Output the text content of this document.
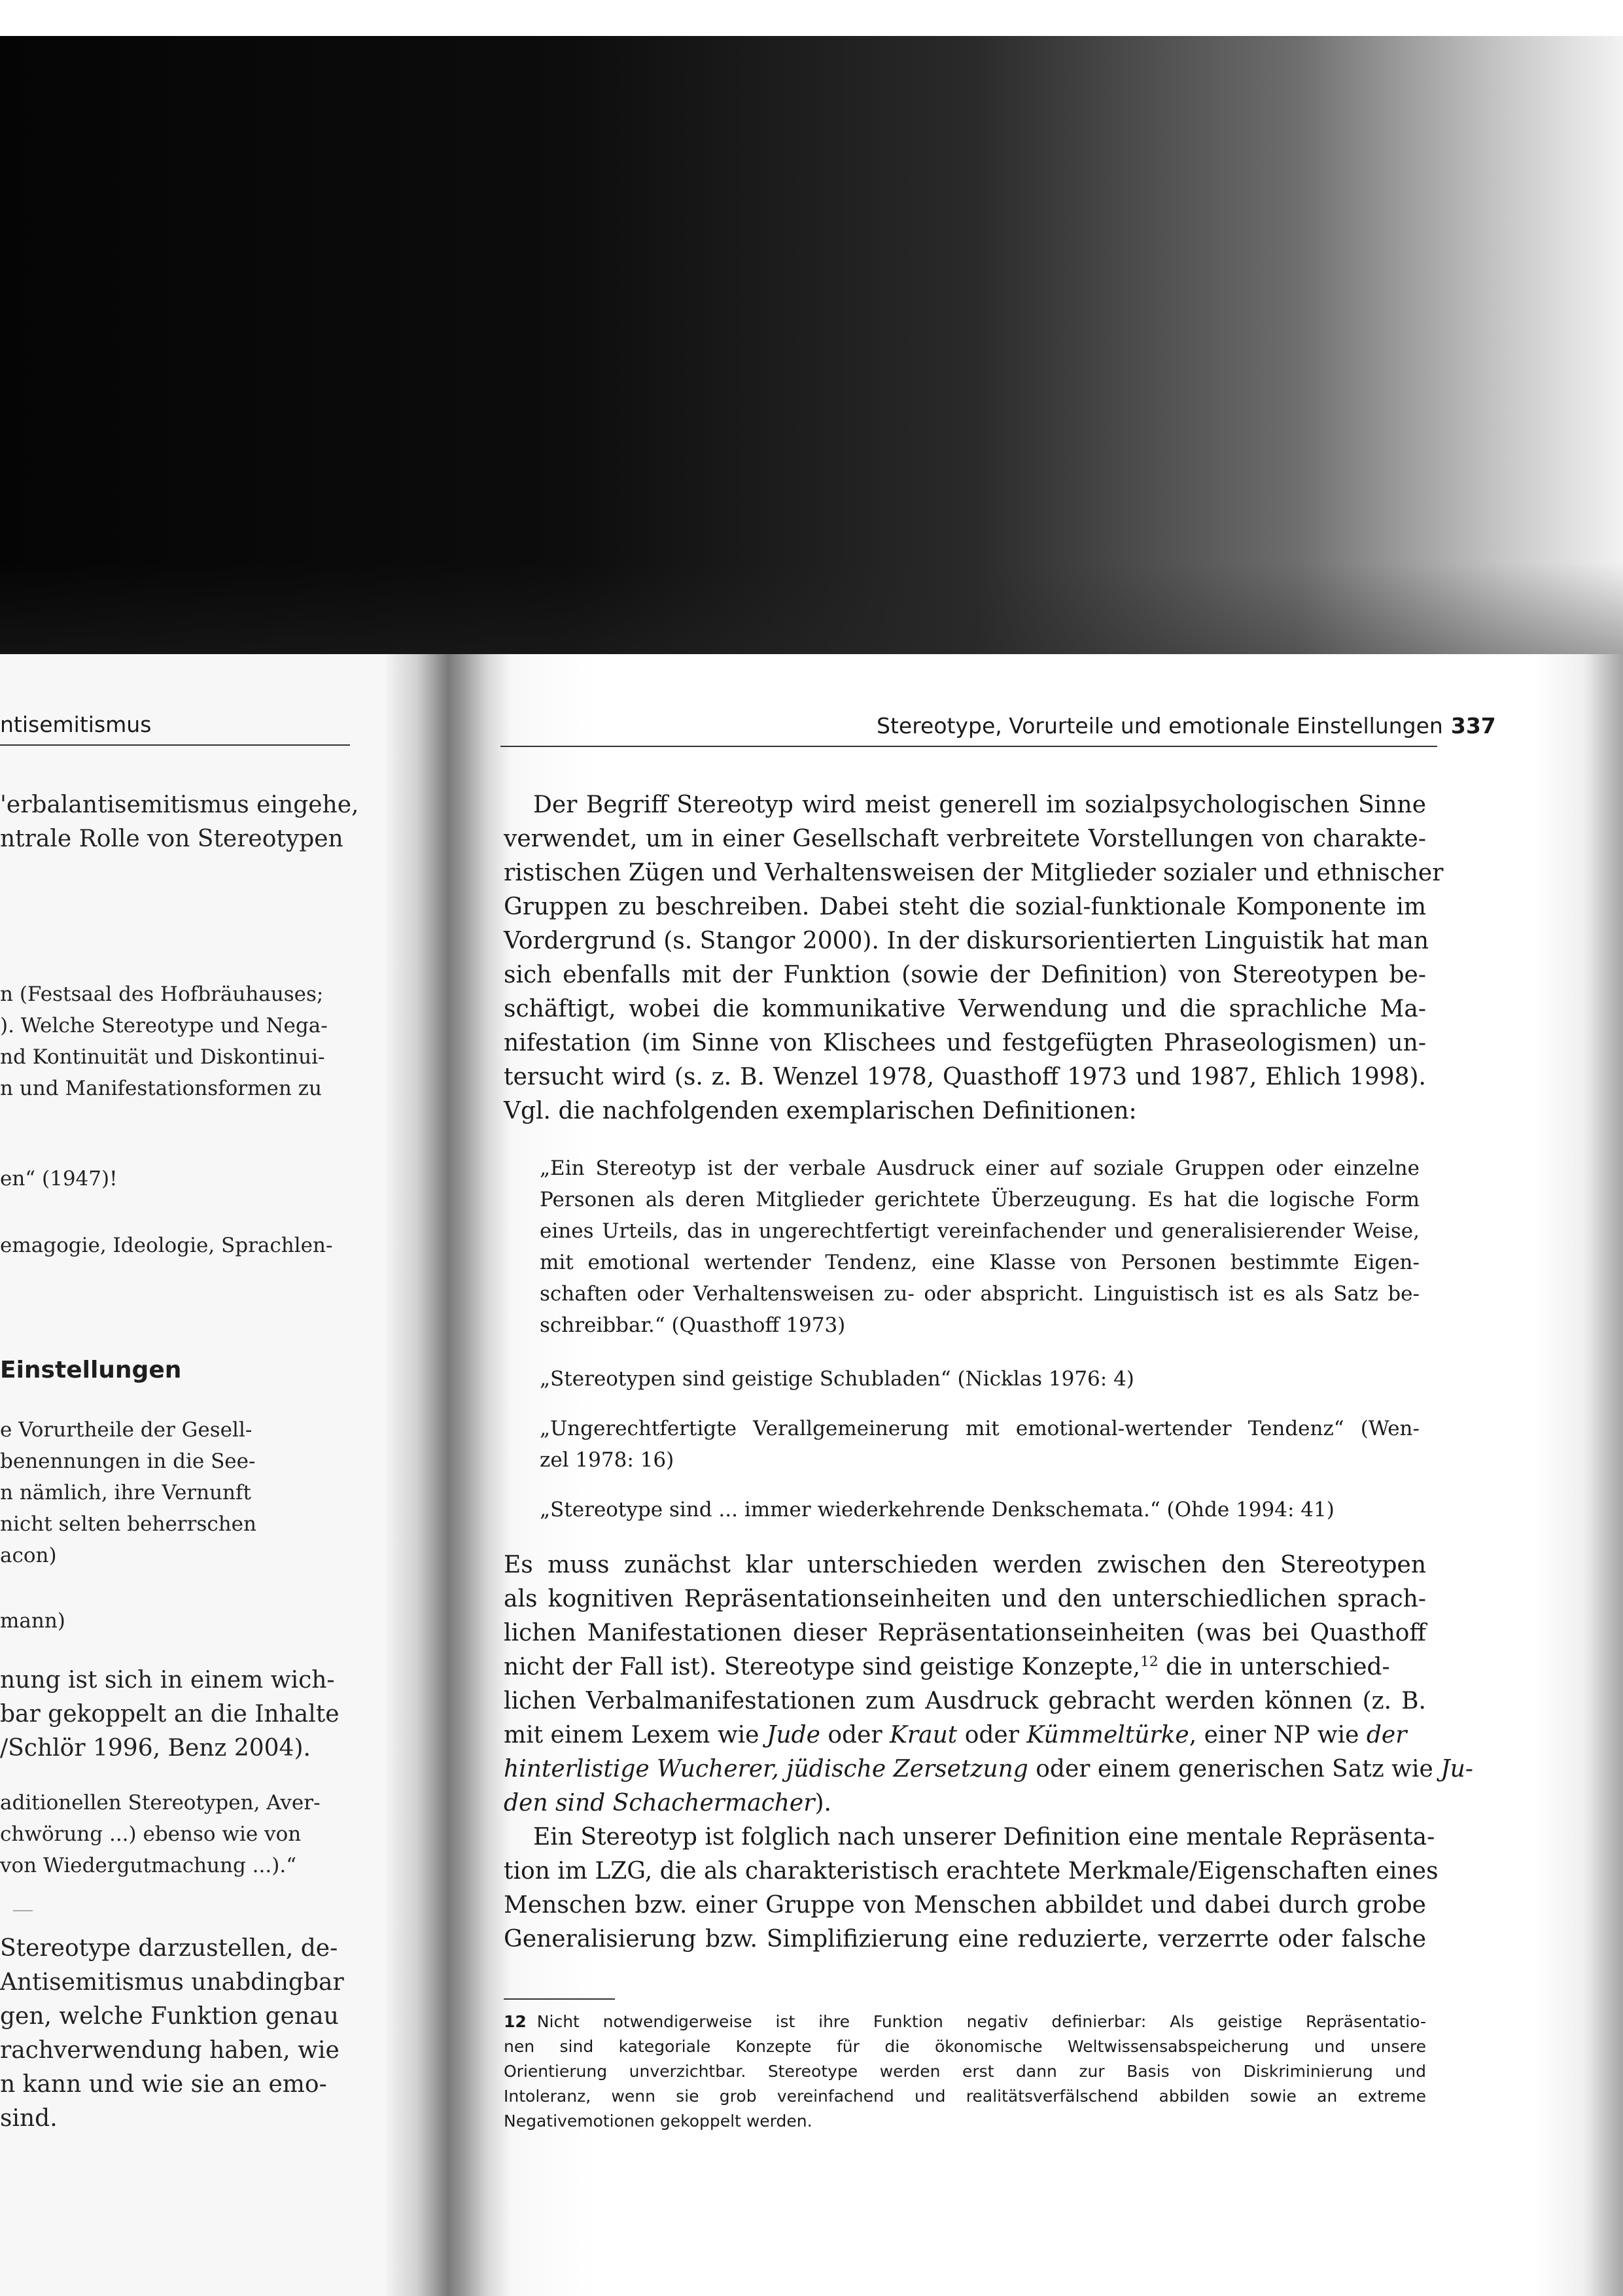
ntisemitismus
'erbalantisemitismus eingehe,
ntrale Rolle von Stereotypen
n (Festsaal des Hofbräuhauses;
). Welche Stereotype und Nega-
nd Kontinuität und Diskontinui-
n und Manifestationsformen zu
en“ (1947)!
emagogie, Ideologie, Sprachlen-
Einstellungen
e Vorurtheile der Gesell-
benennungen in die See-
n nämlich, ihre Vernunft
nicht selten beherrschen
acon)
mann)
nung ist sich in einem wich-
bar gekoppelt an die Inhalte
/Schlör 1996, Benz 2004).
aditionellen Stereotypen, Aver-
chwörung ...) ebenso wie von
von Wiedergutmachung ...).“
Stereotype darzustellen, de-
Antisemitismus unabdingbar
gen, welche Funktion genau
rachverwendung haben, wie
n kann und wie sie an emo-
sind.
Stereotype, Vorurteile und emotionale Einstellungen 337
Der Begriff Stereotyp wird meist generell im sozialpsychologischen Sinne
verwendet, um in einer Gesellschaft verbreitete Vorstellungen von charakte-
ristischen Zügen und Verhaltensweisen der Mitglieder sozialer und ethnischer
Gruppen zu beschreiben. Dabei steht die sozial-funktionale Komponente im
Vordergrund (s. Stangor 2000). In der diskursorientierten Linguistik hat man
sich ebenfalls mit der Funktion (sowie der Definition) von Stereotypen be-
schäftigt, wobei die kommunikative Verwendung und die sprachliche Ma-
nifestation (im Sinne von Klischees und festgefügten Phraseologismen) un-
tersucht wird (s. z. B. Wenzel 1978, Quasthoff 1973 und 1987, Ehlich 1998).
Vgl. die nachfolgenden exemplarischen Definitionen:
„Ein Stereotyp ist der verbale Ausdruck einer auf soziale Gruppen oder einzelne
Personen als deren Mitglieder gerichtete Überzeugung. Es hat die logische Form
eines Urteils, das in ungerechtfertigt vereinfachender und generalisierender Weise,
mit emotional wertender Tendenz, eine Klasse von Personen bestimmte Eigen-
schaften oder Verhaltensweisen zu- oder abspricht. Linguistisch ist es als Satz be-
schreibbar.“ (Quasthoff 1973)
„Stereotypen sind geistige Schubladen“ (Nicklas 1976: 4)
„Ungerechtfertigte Verallgemeinerung mit emotional-wertender Tendenz“ (Wen-
zel 1978: 16)
„Stereotype sind ... immer wiederkehrende Denkschemata.“ (Ohde 1994: 41)
Es muss zunächst klar unterschieden werden zwischen den Stereotypen
als kognitiven Repräsentationseinheiten und den unterschiedlichen sprach-
lichen Manifestationen dieser Repräsentationseinheiten (was bei Quasthoff
nicht der Fall ist). Stereotype sind geistige Konzepte,$^{12}$ die in unterschied-
lichen Verbalmanifestationen zum Ausdruck gebracht werden können (z. B.
mit einem Lexem wie Jude oder Kraut oder Kümmeltürke, einer NP wie der
hinterlistige Wucherer, jüdische Zersetzung oder einem generischen Satz wie Ju-
den sind Schachermacher).
Ein Stereotyp ist folglich nach unserer Definition eine mentale Repräsenta-
tion im LZG, die als charakteristisch erachtete Merkmale/Eigenschaften eines
Menschen bzw. einer Gruppe von Menschen abbildet und dabei durch grobe
Generalisierung bzw. Simplifizierung eine reduzierte, verzerrte oder falsche
12 Nicht notwendigerweise ist ihre Funktion negativ definierbar: Als geistige Repräsentatio-
nen sind kategoriale Konzepte für die ökonomische Weltwissensabspeicherung und unsere
Orientierung unverzichtbar. Stereotype werden erst dann zur Basis von Diskriminierung und
Intoleranz, wenn sie grob vereinfachend und realitätsverfälschend abbilden sowie an extreme
Negativemotionen gekoppelt werden.
